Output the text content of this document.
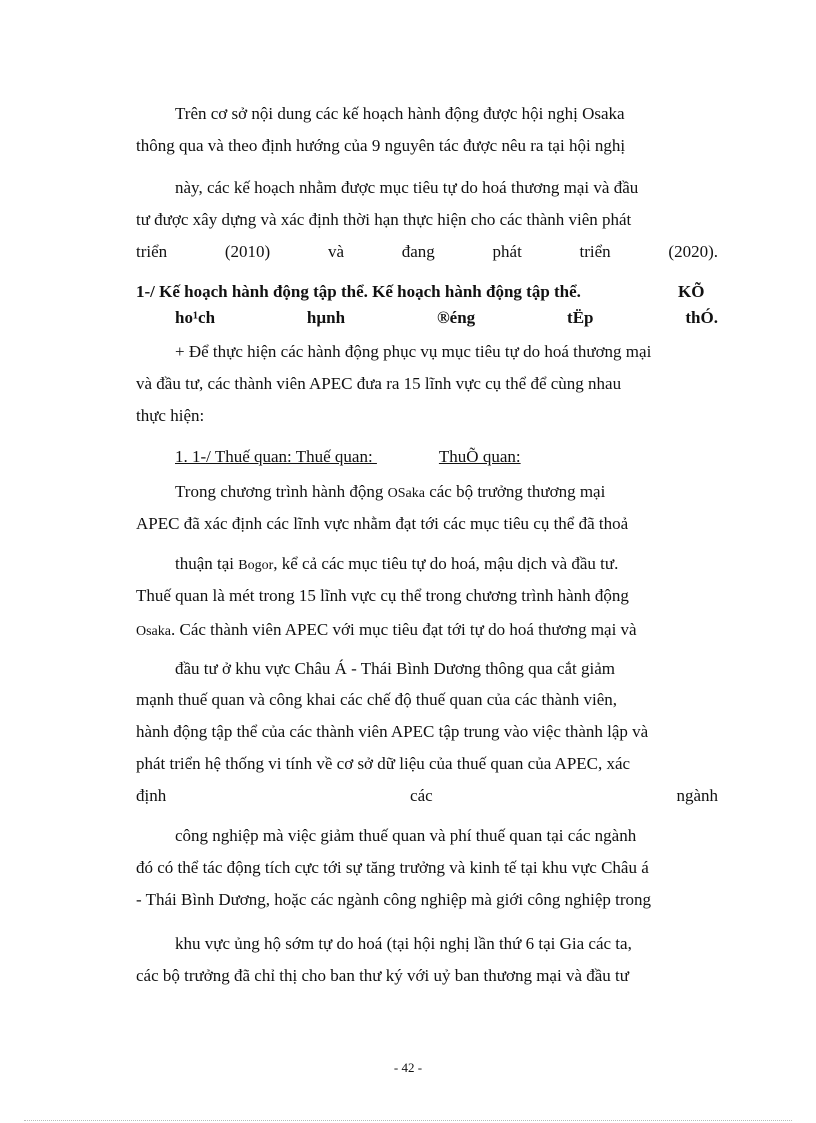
Trên cơ sở nội dung các kế hoạch hành động được hội nghị Osaka
thông qua và theo định hướng của 9 nguyên tác được nêu ra tại hội nghị
này, các kế hoạch nhằm được mục tiêu tự do hoá thương mại và đầu
tư được xây dựng và xác định thời hạn thực hiện cho các thành viên phát
triển (2010) và đang phát triển (2020).
1-/ Kế hoạch hành động tập thể. Kế hoạch hành động tập thể.	KÕ
ho¹ch hµnh ®éng tËp thÓ.
+ Để thực hiện các hành động phục vụ mục tiêu tự do hoá thương mại
và đầu tư, các thành viên APEC đưa ra 15 lĩnh vực cụ thể để cùng nhau
thực hiện:
1. 1-/ Thuế quan: Thuế quan:	ThuÕ quan:
Trong chương trình hành động OSaka các bộ trưởng thương mại
APEC đã xác định các lĩnh vực nhằm đạt tới các mục tiêu cụ thể đã thoả
thuận tại Bogor, kể cả các mục tiêu tự do hoá, mậu dịch và đầu tư.
Thuế quan là mét trong 15 lĩnh vực cụ thể trong chương trình hành động
Osaka. Các thành viên APEC với mục tiêu đạt tới tự do hoá thương mại và
đầu tư ở khu vực Châu Á - Thái Bình Dương thông qua cắt giảm
mạnh thuế quan và công khai các chế độ thuế quan của các thành viên,
hành động tập thể của các thành viên APEC tập trung vào việc thành lập và
phát triển hệ thống vi tính về cơ sở dữ liệu của thuế quan của APEC, xác
định các ngành
công nghiệp mà việc giảm thuế quan và phí thuế quan tại các ngành
đó có thể tác động tích cực tới sự tăng trưởng và kinh tế tại khu vực Châu á
- Thái Bình Dương, hoặc các ngành công nghiệp mà giới công nghiệp trong
khu vực ủng hộ sớm tự do hoá (tại hội nghị lần thứ 6 tại Gia các ta,
các bộ trưởng đã chỉ thị cho ban thư ký với uỷ ban thương mại và đầu tư
- 42 -
